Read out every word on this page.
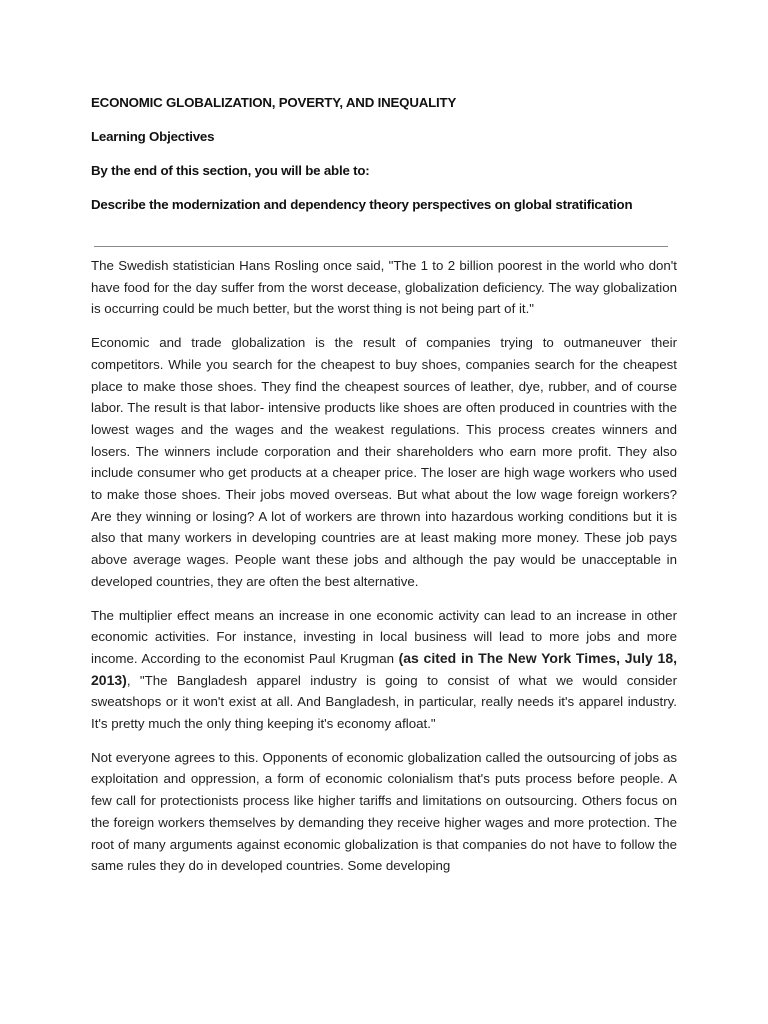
ECONOMIC GLOBALIZATION, POVERTY, AND INEQUALITY

Learning Objectives

By the end of this section, you will be able to:

Describe the modernization and dependency theory perspectives on global stratification

The Swedish statistician Hans Rosling once said, "The 1 to 2 billion poorest in the world who don't have food for the day suffer from the worst decease, globalization deficiency. The way globalization is occurring could be much better, but the worst thing is not being part of it."

Economic and trade globalization is the result of companies trying to outmaneuver their competitors. While you search for the cheapest to buy shoes, companies search for the cheapest place to make those shoes. They find the cheapest sources of leather, dye, rubber, and of course labor. The result is that labor- intensive products like shoes are often produced in countries with the lowest wages and the wages and the weakest regulations. This process creates winners and losers. The winners include corporation and their shareholders who earn more profit. They also include consumer who get products at a cheaper price. The loser are high wage workers who used to make those shoes. Their jobs moved overseas. But what about the low wage foreign workers? Are they winning or losing? A lot of workers are thrown into hazardous working conditions but it is also that many workers in developing countries are at least making more money. These job pays above average wages. People want these jobs and although the pay would be unacceptable in developed countries, they are often the best alternative.

The multiplier effect means an increase in one economic activity can lead to an increase in other economic activities. For instance, investing in local business will lead to more jobs and more income. According to the economist Paul Krugman (as cited in The New York Times, July 18, 2013), "The Bangladesh apparel industry is going to consist of what we would consider sweatshops or it won't exist at all. And Bangladesh, in particular, really needs it's apparel industry. It's pretty much the only thing keeping it's economy afloat."

Not everyone agrees to this. Opponents of economic globalization called the outsourcing of jobs as exploitation and oppression, a form of economic colonialism that's puts process before people. A few call for protectionists process like higher tariffs and limitations on outsourcing. Others focus on the foreign workers themselves by demanding they receive higher wages and more protection. The root of many arguments against economic globalization is that companies do not have to follow the same rules they do in developed countries. Some developing
